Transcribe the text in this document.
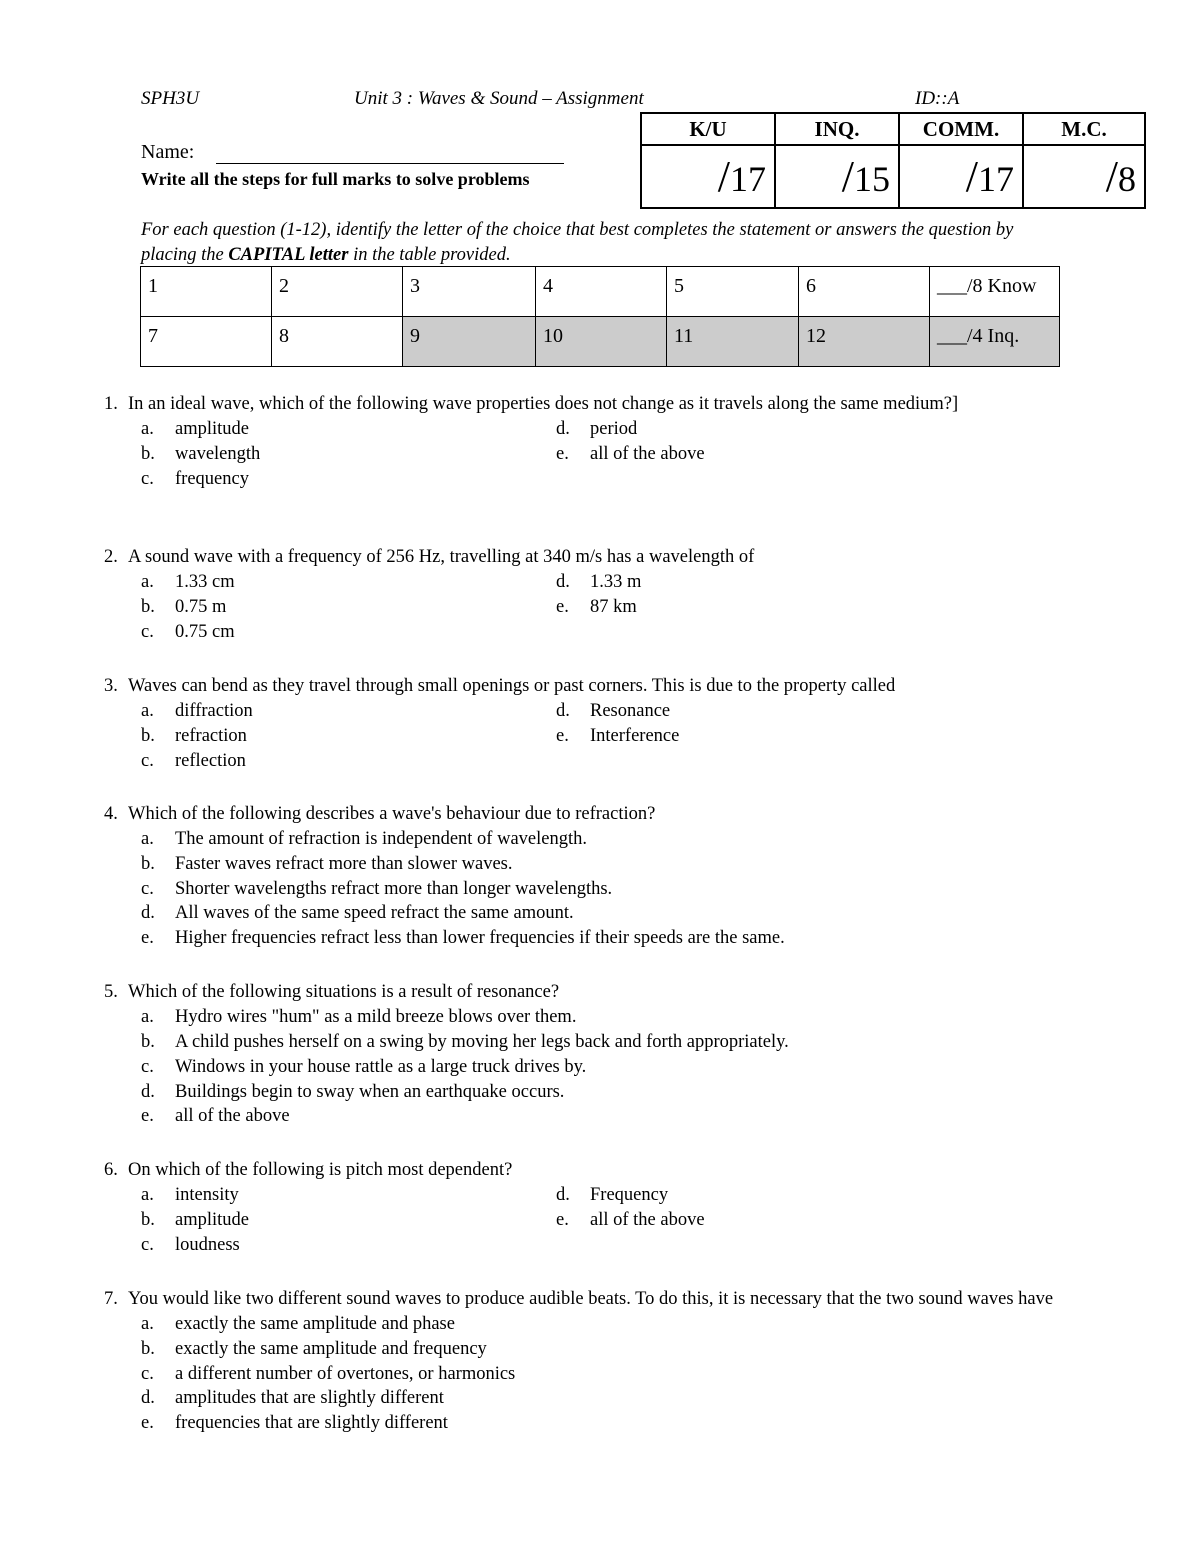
SPH3U	Unit 3 : Waves & Sound – Assignment	ID::A
Name:
Write all the steps for full marks to solve problems
K/U	INQ.	COMM.	M.C.
/17	/15	/17	/8
For each question (1-12), identify the letter of the choice that best completes the statement or answers the question by placing the CAPITAL letter in the table provided.
1	2	3	4	5	6	___/8 Know
7	8	9	10	11	12	___/4 Inq.
1. In an ideal wave, which of the following wave properties does not change as it travels along the same medium?]
a. amplitude
b. wavelength
c. frequency
d. period
e. all of the above
2. A sound wave with a frequency of 256 Hz, travelling at 340 m/s has a wavelength of
a. 1.33 cm
b. 0.75 m
c. 0.75 cm
d. 1.33 m
e. 87 km
3. Waves can bend as they travel through small openings or past corners. This is due to the property called
a. diffraction
b. refraction
c. reflection
d. Resonance
e. Interference
4. Which of the following describes a wave's behaviour due to refraction?
a. The amount of refraction is independent of wavelength.
b. Faster waves refract more than slower waves.
c. Shorter wavelengths refract more than longer wavelengths.
d. All waves of the same speed refract the same amount.
e. Higher frequencies refract less than lower frequencies if their speeds are the same.
5. Which of the following situations is a result of resonance?
a. Hydro wires "hum" as a mild breeze blows over them.
b. A child pushes herself on a swing by moving her legs back and forth appropriately.
c. Windows in your house rattle as a large truck drives by.
d. Buildings begin to sway when an earthquake occurs.
e. all of the above
6. On which of the following is pitch most dependent?
a. intensity
b. amplitude
c. loudness
d. Frequency
e. all of the above
7. You would like two different sound waves to produce audible beats. To do this, it is necessary that the two sound waves have
a. exactly the same amplitude and phase
b. exactly the same amplitude and frequency
c. a different number of overtones, or harmonics
d. amplitudes that are slightly different
e. frequencies that are slightly different
